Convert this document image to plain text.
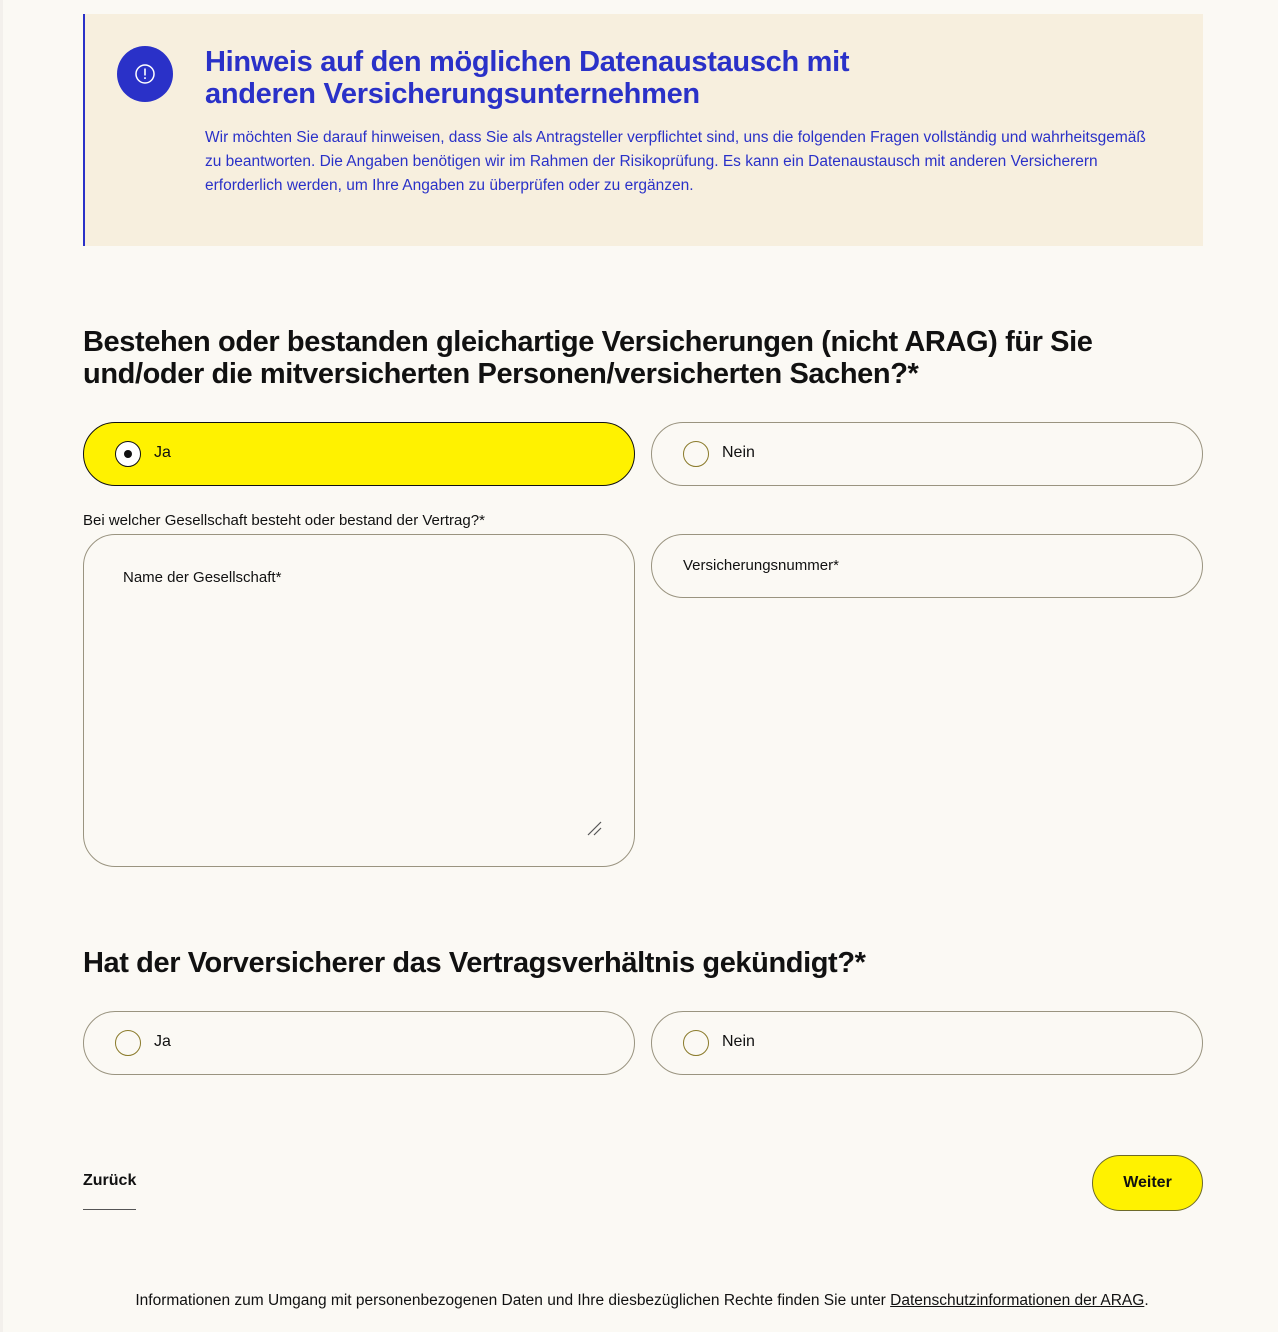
Hinweis auf den möglichen Datenaustausch mit anderen Versicherungsunternehmen
Wir möchten Sie darauf hinweisen, dass Sie als Antragsteller verpflichtet sind, uns die folgenden Fragen vollständig und wahrheitsgemäß zu beantworten. Die Angaben benötigen wir im Rahmen der Risikoprüfung. Es kann ein Datenaustausch mit anderen Versicherern erforderlich werden, um Ihre Angaben zu überprüfen oder zu ergänzen.
Bestehen oder bestanden gleichartige Versicherungen (nicht ARAG) für Sie und/oder die mitversicherten Personen/versicherten Sachen?*
Ja	Nein
Bei welcher Gesellschaft besteht oder bestand der Vertrag?*
Name der Gesellschaft*
Versicherungsnummer*
Hat der Vorversicherer das Vertragsverhältnis gekündigt?*
Ja	Nein
Zurück	Weiter
Informationen zum Umgang mit personenbezogenen Daten und Ihre diesbezüglichen Rechte finden Sie unter Datenschutzinformationen der ARAG.
